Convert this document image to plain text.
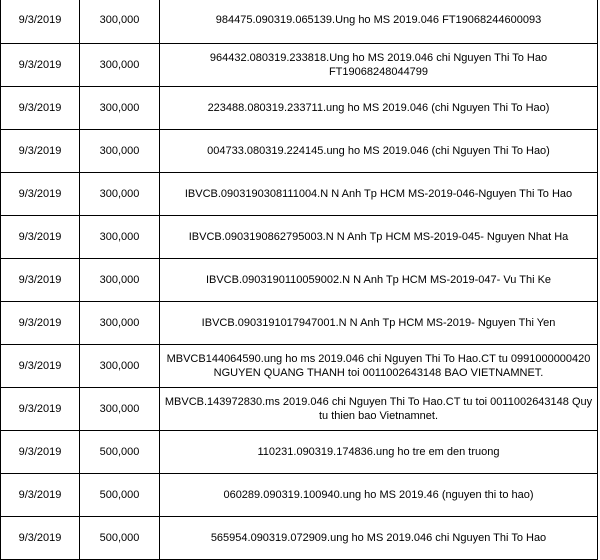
9/3/2019	300,000	984475.090319.065139.Ung ho MS 2019.046 FT19068244600093
9/3/2019	300,000	964432.080319.233818.Ung ho MS 2019.046 chi Nguyen Thi To Hao FT19068248044799
9/3/2019	300,000	223488.080319.233711.ung ho MS 2019.046 (chi Nguyen Thi To Hao)
9/3/2019	300,000	004733.080319.224145.ung ho MS 2019.046 (chi Nguyen Thi To Hao)
9/3/2019	300,000	IBVCB.0903190308111004.N N Anh Tp HCM MS-2019-046-Nguyen Thi To Hao
9/3/2019	300,000	IBVCB.0903190862795003.N N Anh Tp HCM MS-2019-045- Nguyen Nhat Ha
9/3/2019	300,000	IBVCB.0903190110059002.N N Anh Tp HCM MS-2019-047- Vu Thi Ke
9/3/2019	300,000	IBVCB.0903191017947001.N N Anh Tp HCM MS-2019- Nguyen Thi Yen
9/3/2019	300,000	MBVCB144064590.ung ho ms 2019.046 chi Nguyen Thi To Hao.CT tu 0991000000420 NGUYEN QUANG THANH toi 0011002643148 BAO VIETNAMNET.
9/3/2019	300,000	MBVCB.143972830.ms 2019.046 chi Nguyen Thi To Hao.CT tu toi 0011002643148 Quy tu thien bao Vietnamnet.
9/3/2019	500,000	110231.090319.174836.ung ho tre em den truong
9/3/2019	500,000	060289.090319.100940.ung ho MS 2019.46 (nguyen thi to hao)
9/3/2019	500,000	565954.090319.072909.ung ho MS 2019.046 chi Nguyen Thi To Hao
